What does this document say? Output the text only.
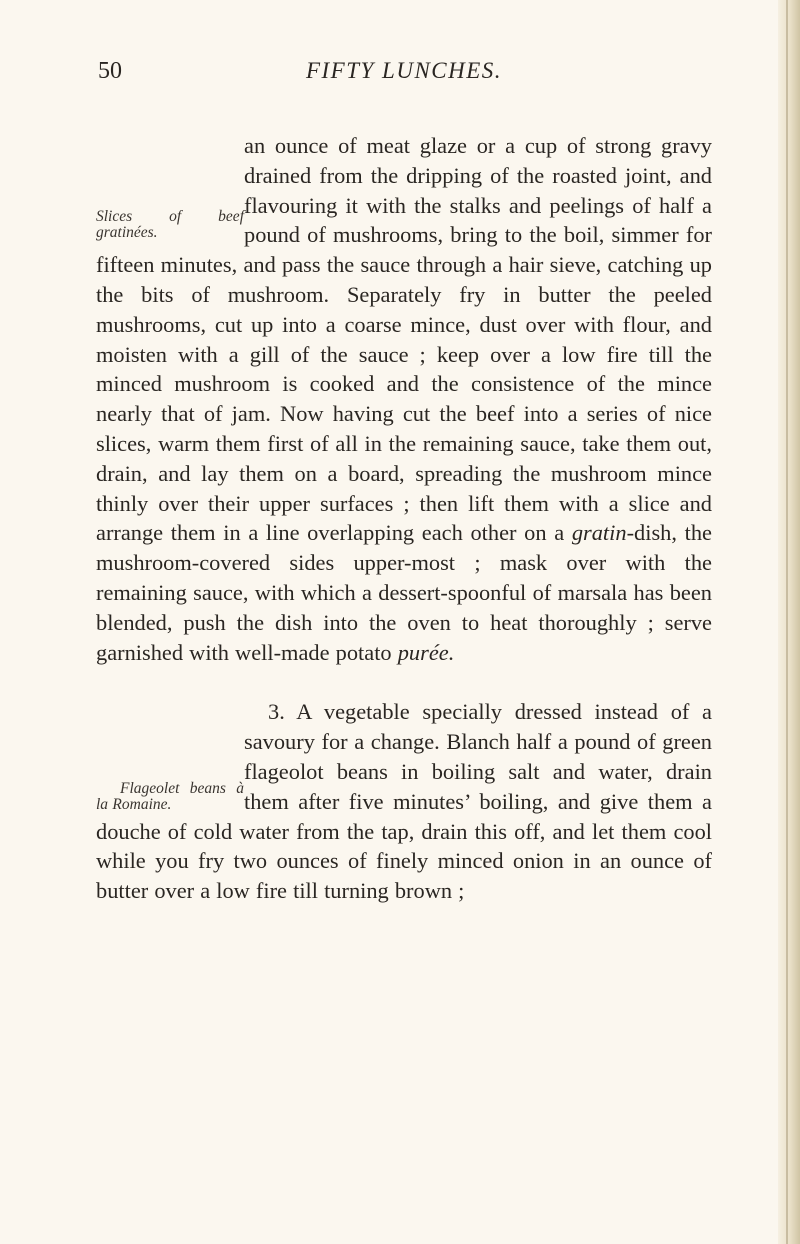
FIFTY LUNCHES.
50
Slices of beef gratinées.
an ounce of meat glaze or a cup of strong gravy drained from the dripping of the roasted joint, and flavouring it with the stalks and peelings of half a pound of mushrooms, bring to the boil, simmer for fifteen minutes, and pass the sauce through a hair sieve, catching up the bits of mushroom. Separately fry in butter the peeled mushrooms, cut up into a coarse mince, dust over with flour, and moisten with a gill of the sauce ; keep over a low fire till the minced mushroom is cooked and the consistence of the mince nearly that of jam. Now having cut the beef into a series of nice slices, warm them first of all in the remaining sauce, take them out, drain, and lay them on a board, spreading the mushroom mince thinly over their upper surfaces ; then lift them with a slice and arrange them in a line overlapping each other on a gratin-dish, the mushroom-covered sides upper-most ; mask over with the remaining sauce, with which a dessert-spoonful of marsala has been blended, push the dish into the oven to heat thoroughly ; serve garnished with well-made potato purée.
Flageolet beans à la Romaine.
3. A vegetable specially dressed instead of a savoury for a change. Blanch half a pound of green flageolot beans in boiling salt and water, drain them after five minutes’ boiling, and give them a douche of cold water from the tap, drain this off, and let them cool while you fry two ounces of finely minced onion in an ounce of butter over a low fire till turning brown ;
